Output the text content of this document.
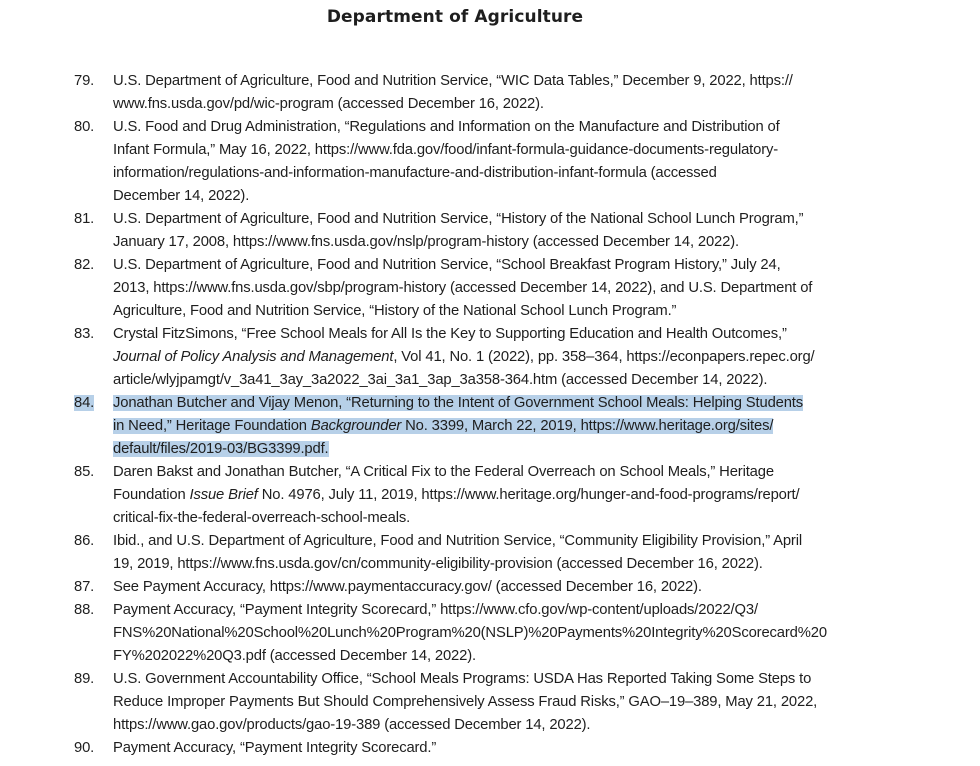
Department of Agriculture
79.	U.S. Department of Agriculture, Food and Nutrition Service, “WIC Data Tables,” December 9, 2022, https://
www.fns.usda.gov/pd/wic-program (accessed December 16, 2022).
80.	U.S. Food and Drug Administration, “Regulations and Information on the Manufacture and Distribution of
Infant Formula,” May 16, 2022, https://www.fda.gov/food/infant-formula-guidance-documents-regulatory-
information/regulations-and-information-manufacture-and-distribution-infant-formula (accessed
December 14, 2022).
81.	U.S. Department of Agriculture, Food and Nutrition Service, “History of the National School Lunch Program,”
January 17, 2008, https://www.fns.usda.gov/nslp/program-history (accessed December 14, 2022).
82.	U.S. Department of Agriculture, Food and Nutrition Service, “School Breakfast Program History,” July 24,
2013, https://www.fns.usda.gov/sbp/program-history (accessed December 14, 2022), and U.S. Department of
Agriculture, Food and Nutrition Service, “History of the National School Lunch Program.”
83.	Crystal FitzSimons, “Free School Meals for All Is the Key to Supporting Education and Health Outcomes,”
Journal of Policy Analysis and Management, Vol 41, No. 1 (2022), pp. 358–364, https://econpapers.repec.org/
article/wlyjpamgt/v_3a41_3ay_3a2022_3ai_3a1_3ap_3a358-364.htm (accessed December 14, 2022).
84.	Jonathan Butcher and Vijay Menon, “Returning to the Intent of Government School Meals: Helping Students
in Need,” Heritage Foundation Backgrounder No. 3399, March 22, 2019, https://www.heritage.org/sites/
default/files/2019-03/BG3399.pdf.
85.	Daren Bakst and Jonathan Butcher, “A Critical Fix to the Federal Overreach on School Meals,” Heritage
Foundation Issue Brief No. 4976, July 11, 2019, https://www.heritage.org/hunger-and-food-programs/report/
critical-fix-the-federal-overreach-school-meals.
86.	Ibid., and U.S. Department of Agriculture, Food and Nutrition Service, “Community Eligibility Provision,” April
19, 2019, https://www.fns.usda.gov/cn/community-eligibility-provision (accessed December 16, 2022).
87.	See Payment Accuracy, https://www.paymentaccuracy.gov/ (accessed December 16, 2022).
88.	Payment Accuracy, “Payment Integrity Scorecard,” https://www.cfo.gov/wp-content/uploads/2022/Q3/
FNS%20National%20School%20Lunch%20Program%20(NSLP)%20Payments%20Integrity%20Scorecard%20
FY%202022%20Q3.pdf (accessed December 14, 2022).
89.	U.S. Government Accountability Office, “School Meals Programs: USDA Has Reported Taking Some Steps to
Reduce Improper Payments But Should Comprehensively Assess Fraud Risks,” GAO–19–389, May 21, 2022,
https://www.gao.gov/products/gao-19-389 (accessed December 14, 2022).
90.	Payment Accuracy, “Payment Integrity Scorecard.”
